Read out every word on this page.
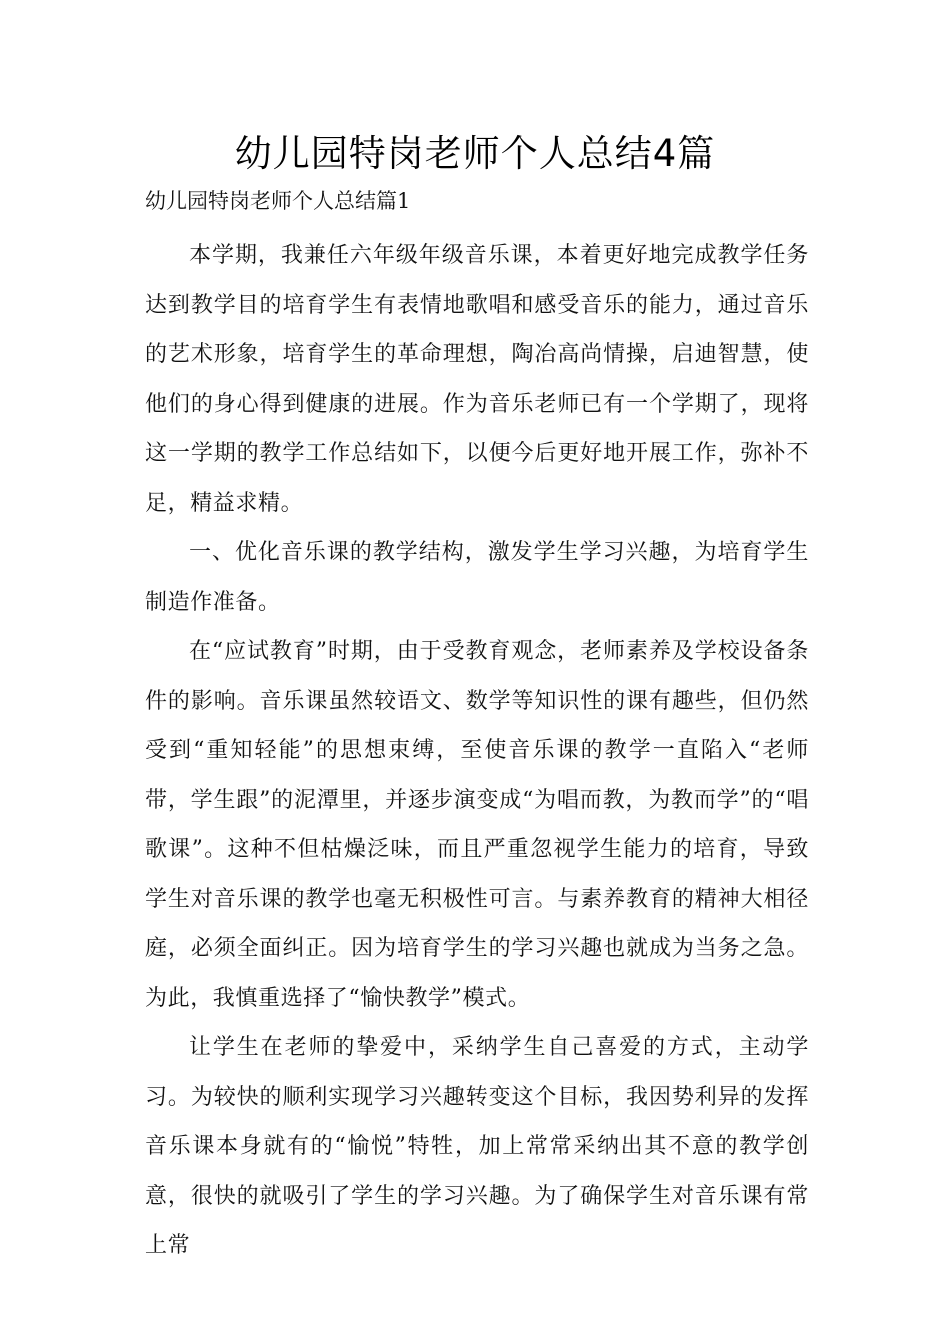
幼儿园特岗老师个人总结4篇
幼儿园特岗老师个人总结篇1

本学期，我兼任六年级年级音乐课，本着更好地完成教学任务达到教学目的培育学生有表情地歌唱和感受音乐的能力，通过音乐的艺术形象，培育学生的革命理想，陶冶高尚情操，启迪智慧，使他们的身心得到健康的进展。作为音乐老师已有一个学期了，现将这一学期的教学工作总结如下，以便今后更好地开展工作，弥补不足，精益求精。

一、优化音乐课的教学结构，激发学生学习兴趣，为培育学生制造作准备。

在“应试教育”时期，由于受教育观念，老师素养及学校设备条件的影响。音乐课虽然较语文、数学等知识性的课有趣些，但仍然受到“重知轻能”的思想束缚，至使音乐课的教学一直陷入“老师带，学生跟”的泥潭里，并逐步演变成“为唱而教，为教而学”的“唱歌课”。这种不但枯燥泛味，而且严重忽视学生能力的培育，导致学生对音乐课的教学也毫无积极性可言。与素养教育的精神大相径庭，必须全面纠正。因为培育学生的学习兴趣也就成为当务之急。为此，我慎重选择了“愉快教学”模式。

让学生在老师的挚爱中，采纳学生自己喜爱的方式，主动学习。为较快的顺利实现学习兴趣转变这个目标，我因势利异的发挥音乐课本身就有的“愉悦”特牲，加上常常采纳出其不意的教学创意，很快的就吸引了学生的学习兴趣。为了确保学生对音乐课有常上常
